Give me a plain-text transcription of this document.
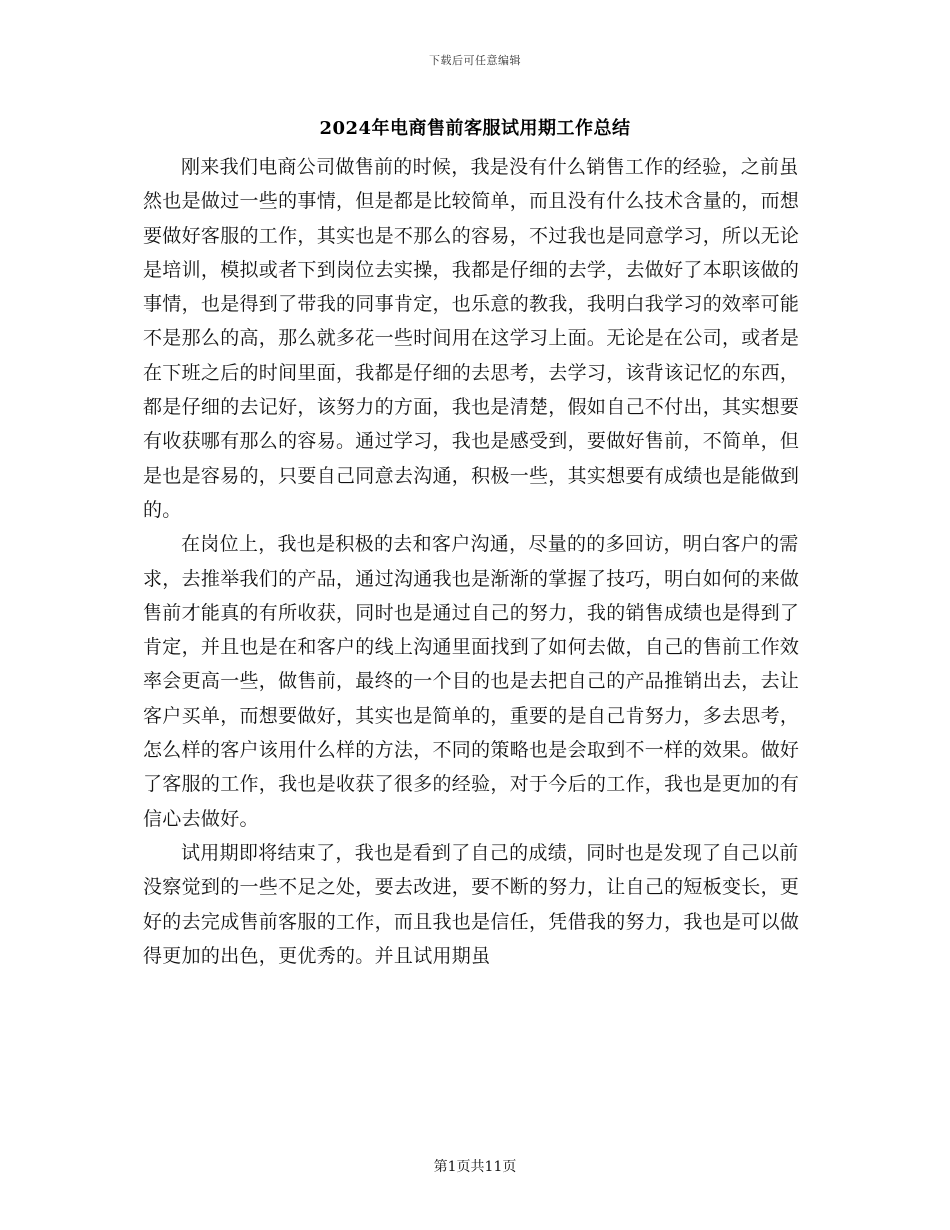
下载后可任意编辑
2024年电商售前客服试用期工作总结

刚来我们电商公司做售前的时候，我是没有什么销售工作的经验，之前虽然也是做过一些的事情，但是都是比较简单，而且没有什么技术含量的，而想要做好客服的工作，其实也是不那么的容易，不过我也是同意学习，所以无论是培训，模拟或者下到岗位去实操，我都是仔细的去学，去做好了本职该做的事情，也是得到了带我的同事肯定，也乐意的教我，我明白我学习的效率可能不是那么的高，那么就多花一些时间用在这学习上面。无论是在公司，或者是在下班之后的时间里面，我都是仔细的去思考，去学习，该背该记忆的东西，都是仔细的去记好，该努力的方面，我也是清楚，假如自己不付出，其实想要有收获哪有那么的容易。通过学习，我也是感受到，要做好售前，不简单，但是也是容易的，只要自己同意去沟通，积极一些，其实想要有成绩也是能做到的。

在岗位上，我也是积极的去和客户沟通，尽量的的多回访，明白客户的需求，去推举我们的产品，通过沟通我也是渐渐的掌握了技巧，明白如何的来做售前才能真的有所收获，同时也是通过自己的努力，我的销售成绩也是得到了肯定，并且也是在和客户的线上沟通里面找到了如何去做，自己的售前工作效率会更高一些，做售前，最终的一个目的也是去把自己的产品推销出去，去让客户买单，而想要做好，其实也是简单的，重要的是自己肯努力，多去思考，怎么样的客户该用什么样的方法，不同的策略也是会取到不一样的效果。做好了客服的工作，我也是收获了很多的经验，对于今后的工作，我也是更加的有信心去做好。

试用期即将结束了，我也是看到了自己的成绩，同时也是发现了自己以前没察觉到的一些不足之处，要去改进，要不断的努力，让自己的短板变长，更好的去完成售前客服的工作，而且我也是信任，凭借我的努力，我也是可以做得更加的出色，更优秀的。并且试用期虽

第1页共11页
